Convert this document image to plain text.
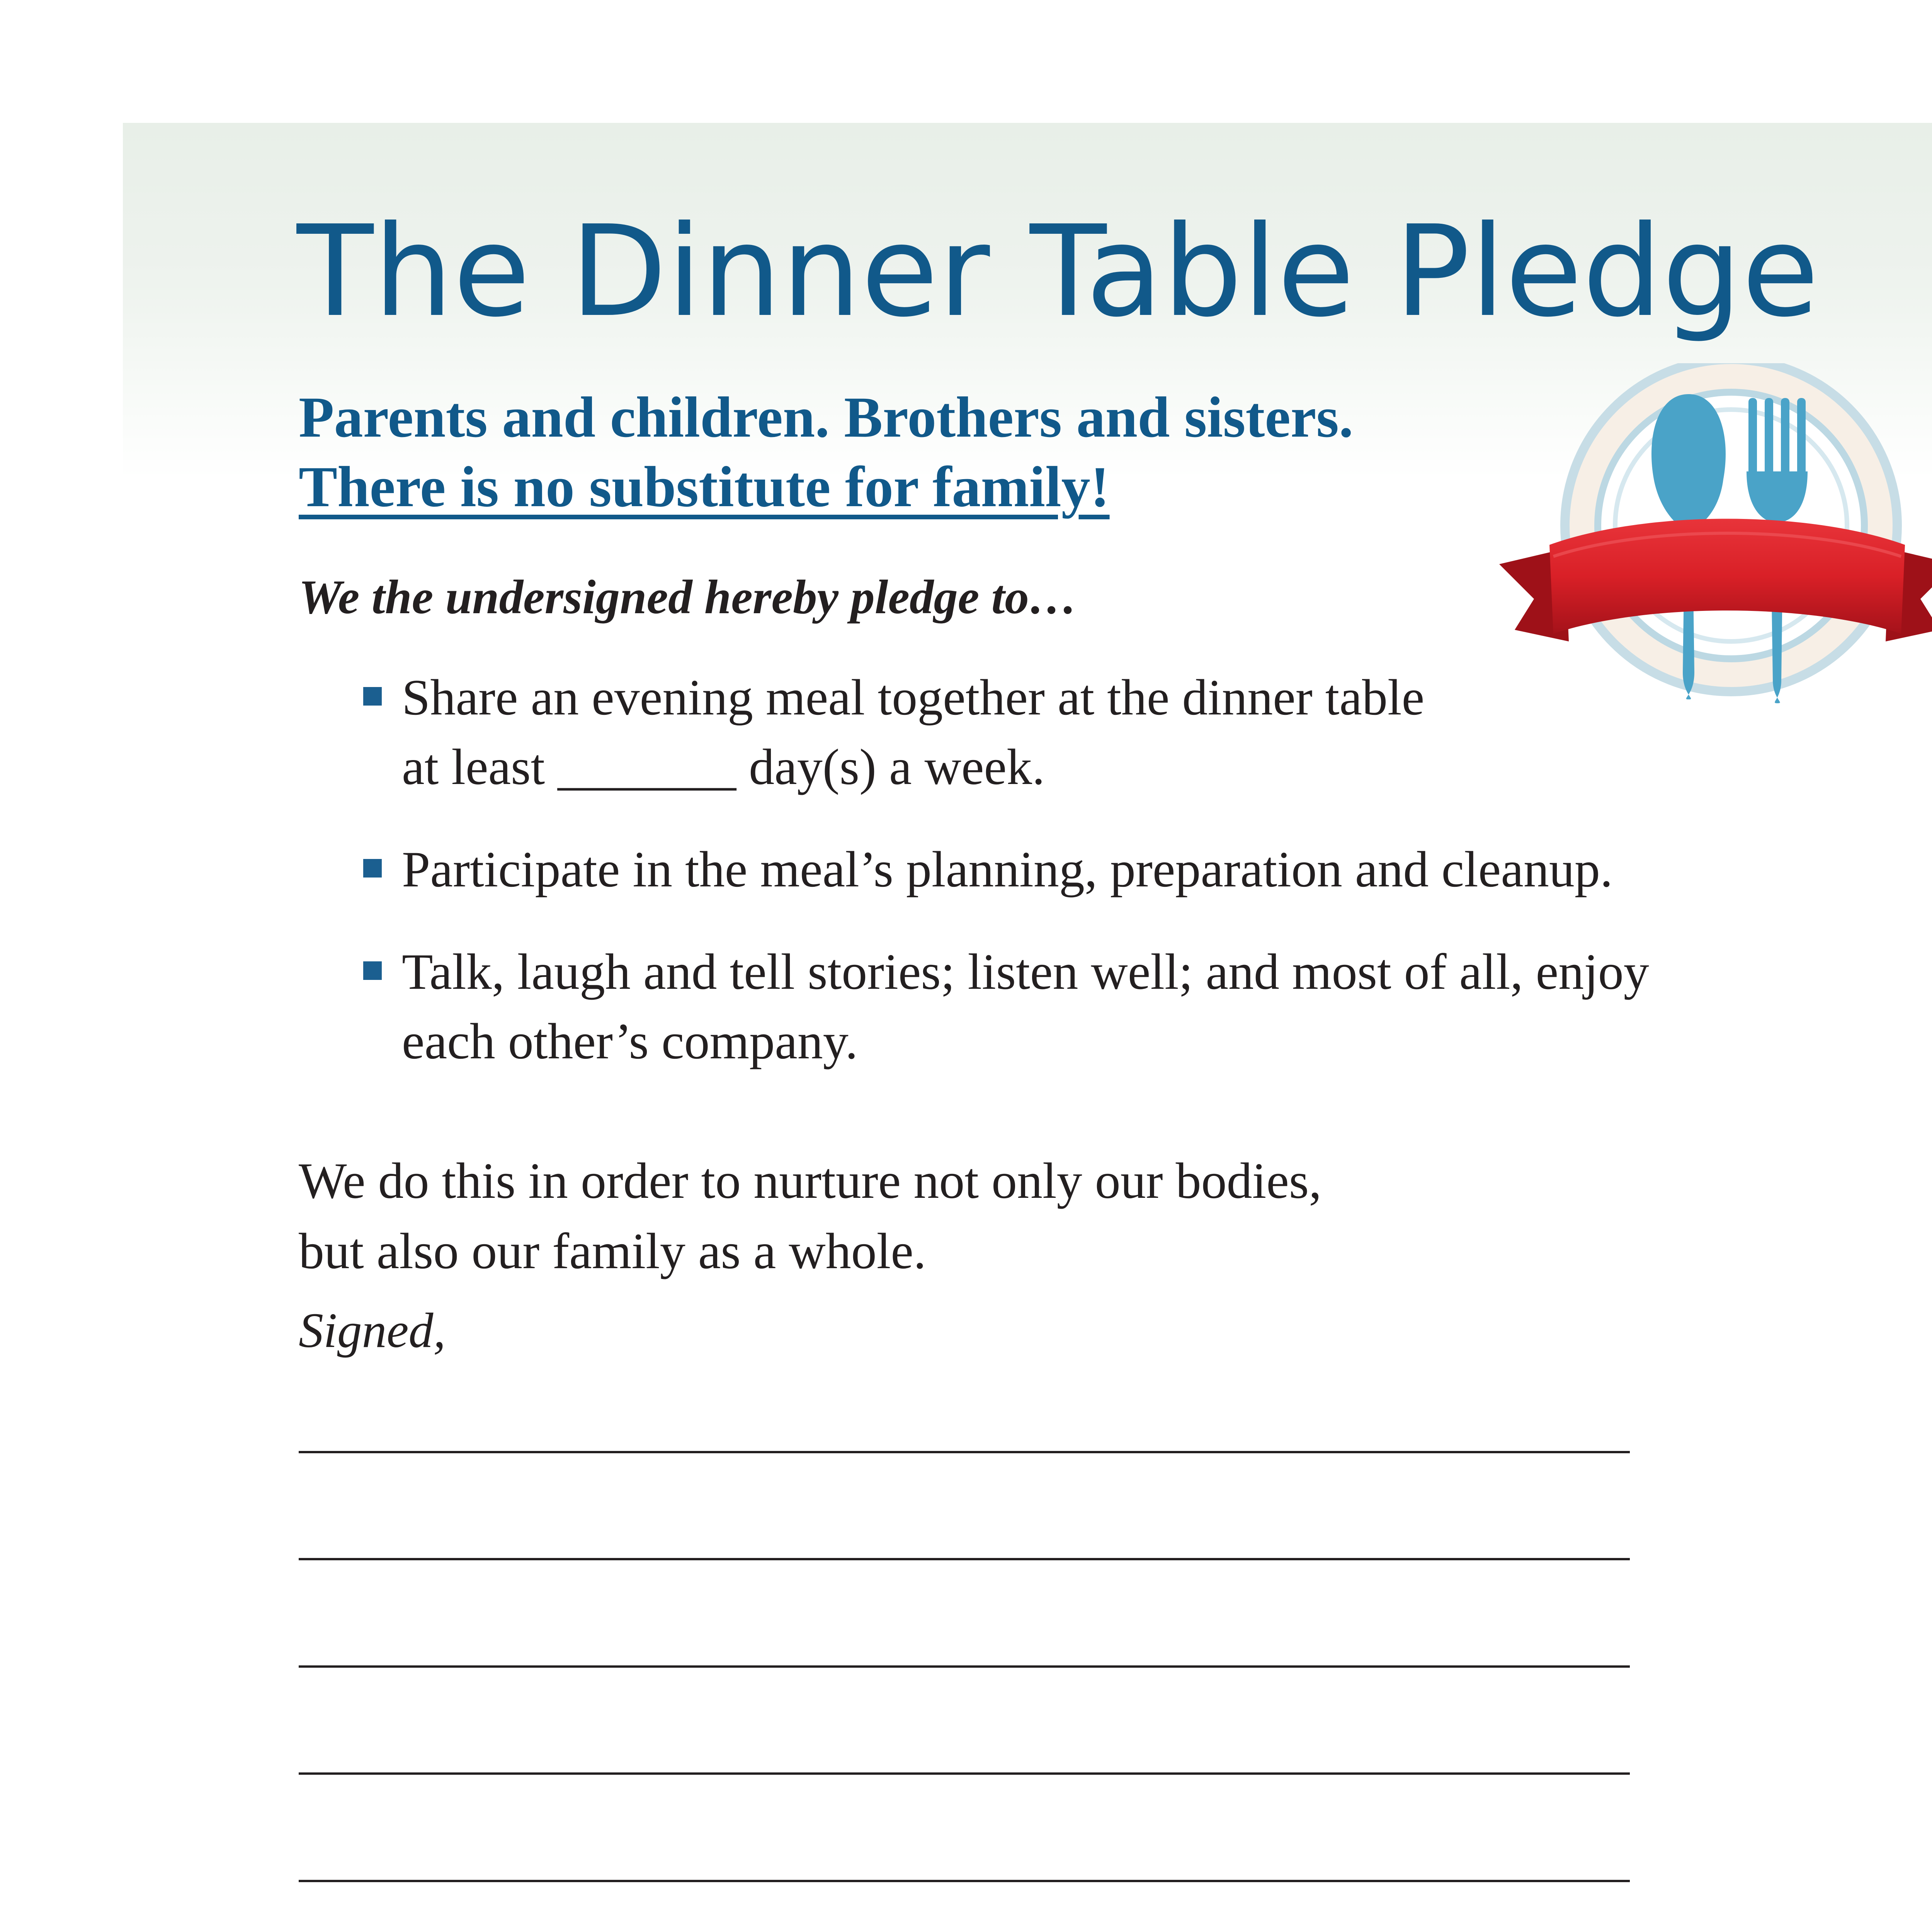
The Dinner Table Pledge
Parents and children. Brothers and sisters.
There is no substitute for family!
We the undersigned hereby pledge to…
Share an evening meal together at the dinner table
at least _______ day(s) a week.
Participate in the meal’s planning, preparation and cleanup.
Talk, laugh and tell stories; listen well; and most of all, enjoy
each other’s company.
We do this in order to nurture not only our bodies,
but also our family as a whole.
Signed,
